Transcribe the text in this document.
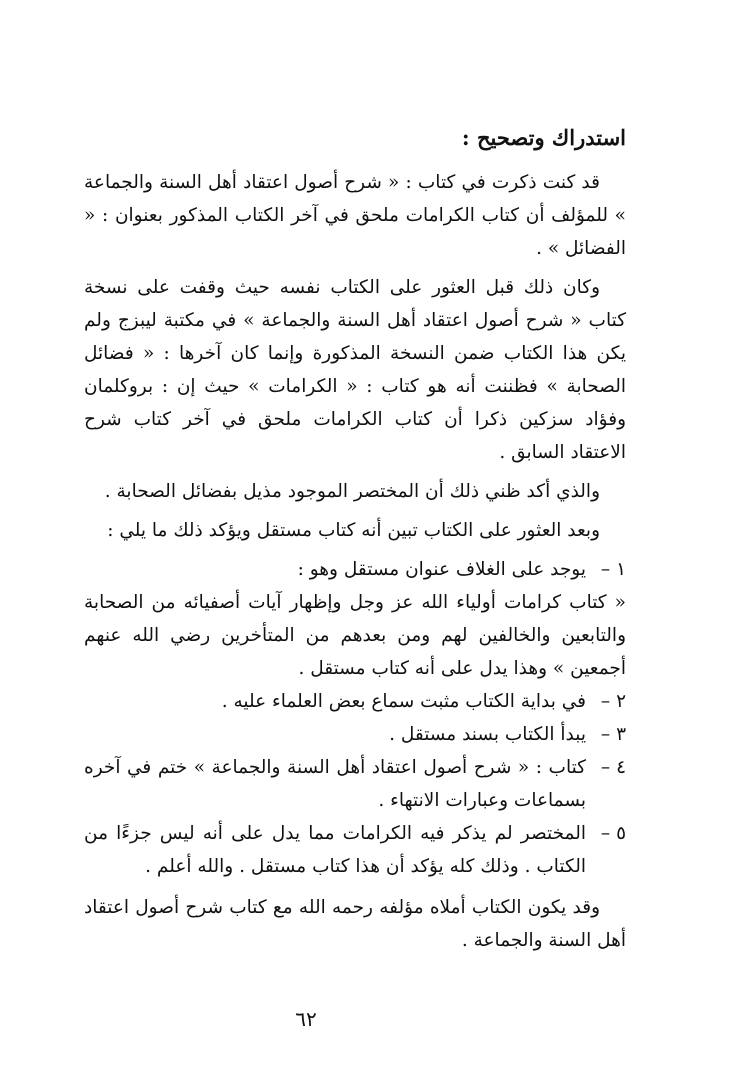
استدراك وتصحيح :

قد كنت ذكرت في كتاب : « شرح أصول اعتقاد أهل السنة والجماعة » للمؤلف أن كتاب الكرامات ملحق في آخر الكتاب المذكور بعنوان : « الفضائل » .

وكان ذلك قبل العثور على الكتاب نفسه حيث وقفت على نسخة كتاب « شرح أصول اعتقاد أهل السنة والجماعة » في مكتبة ليبزج ولم يكن هذا الكتاب ضمن النسخة المذكورة وإنما كان آخرها : « فضائل الصحابة » فظننت أنه هو كتاب : « الكرامات » حيث إن : بروكلمان وفؤاد سزكين ذكرا أن كتاب الكرامات ملحق في آخر كتاب شرح الاعتقاد السابق .

والذي أكد ظني ذلك أن المختصر الموجود مذيل بفضائل الصحابة .

وبعد العثور على الكتاب تبين أنه كتاب مستقل ويؤكد ذلك ما يلي :

١ –
يوجد على الغلاف عنوان مستقل وهو :
« كتاب كرامات أولياء الله عز وجل وإظهار آيات أصفيائه من الصحابة والتابعين والخالفين لهم ومن بعدهم من المتأخرين رضي الله عنهم أجمعين » وهذا يدل على أنه كتاب مستقل .
٢ –
في بداية الكتاب مثبت سماع بعض العلماء عليه .
٣ –
يبدأ الكتاب بسند مستقل .
٤ –
كتاب : « شرح أصول اعتقاد أهل السنة والجماعة » ختم في آخره بسماعات وعبارات الانتهاء .
٥ –
المختصر لم يذكر فيه الكرامات مما يدل على أنه ليس جزءًا من الكتاب . وذلك كله يؤكد أن هذا كتاب مستقل . والله أعلم .

وقد يكون الكتاب أملاه مؤلفه رحمه الله مع كتاب شرح أصول اعتقاد أهل السنة والجماعة .

٦٢
